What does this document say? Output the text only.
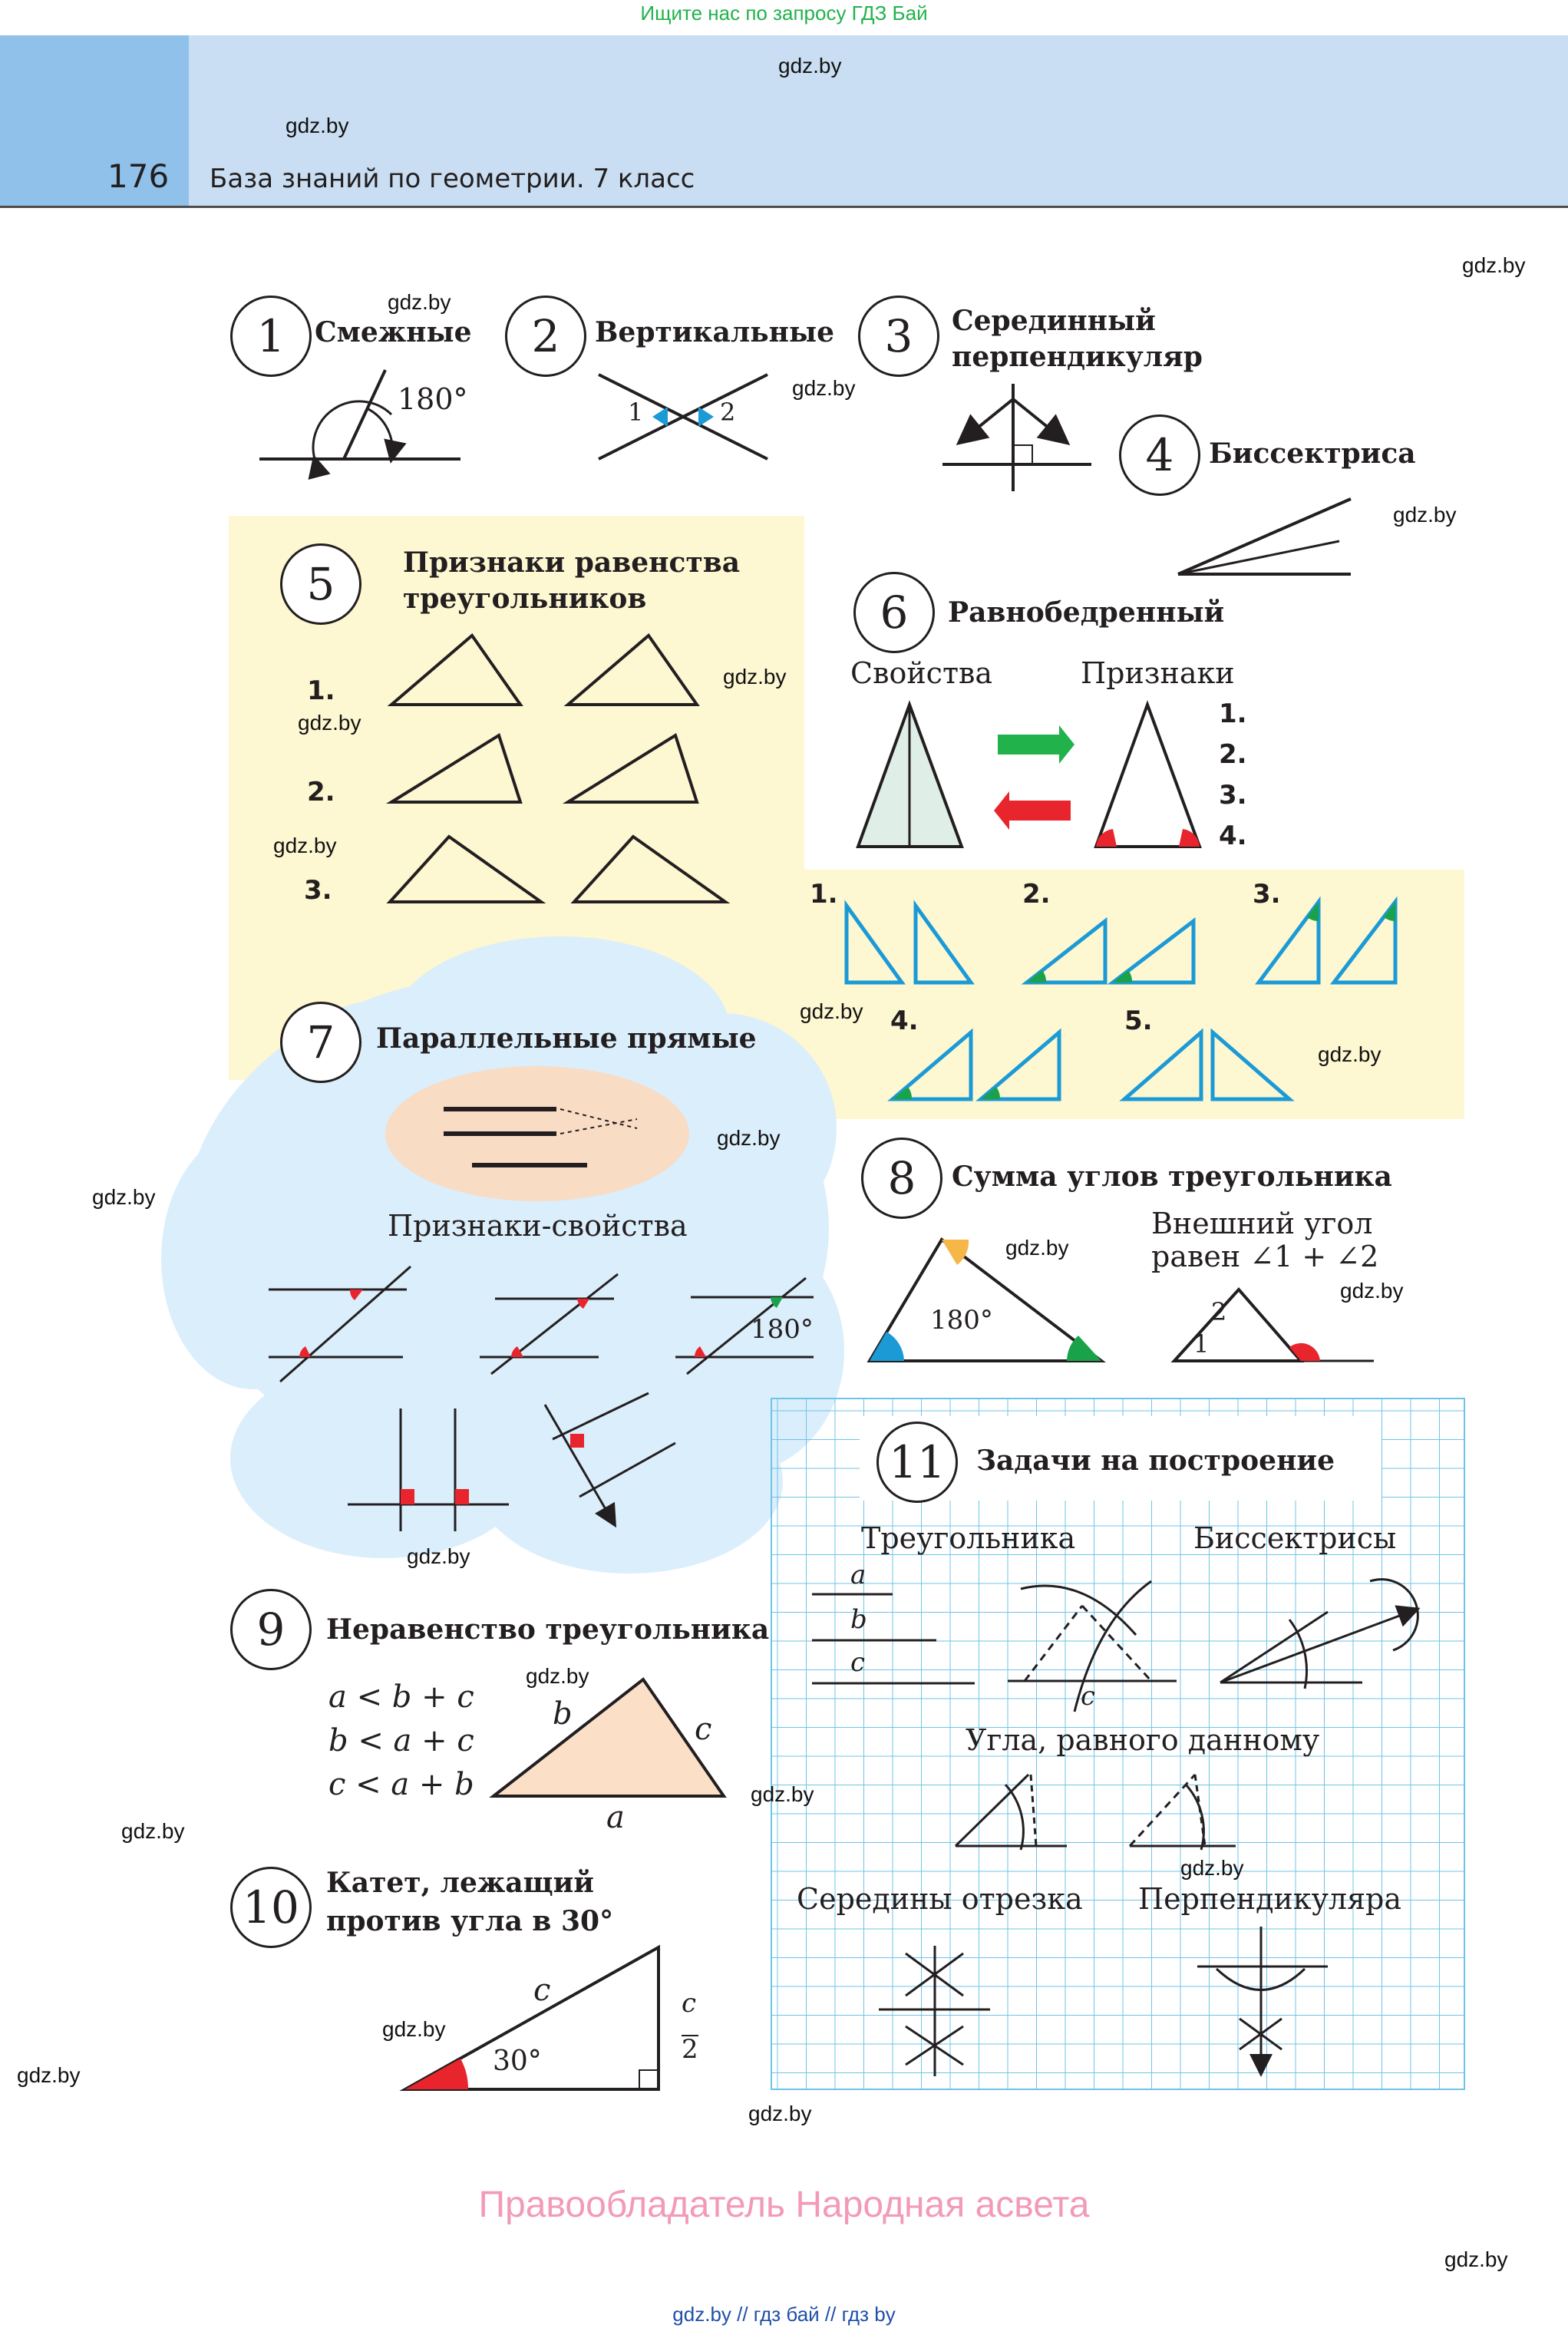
Ищите нас по запросу ГДЗ Бай
176 База знаний по геометрии. 7 класс
1	Смежные
180°
2	Вертикальные
1	2
3	Серединный
перпендикуляр
4	Биссектриса
5	Признаки равенства
треугольников
1.
2.
3.
6	Равнобедренный
Свойства	Признаки
1.
2.
3.
4.
1.	2.	3.
4.	5.
7	Параллельные прямые
Признаки-свойства
180°
8	Сумма углов треугольника
180°
Внешний угол
равен ∠1 + ∠2
1
2
9	Неравенство треугольника
a < b + c
b < a + c
c < a + b
a
b	c
10 Катет, лежащий
против угла в 30°
c	c
2
30°
11	Задачи на построение
Треугольника	Биссектрисы
Угла, равного данному
Середины отрезка Перпендикуляра
a
b
c
c
gdz.by
gdz.by
gdz.by
gdz.by
gdz.by
gdz.by
gdz.by
gdz.by
gdz.by
gdz.by
gdz.by
gdz.by
gdz.by
gdz.by
gdz.by
gdz.by
gdz.by
gdz.by
gdz.by
gdz.by
gdz.by
gdz.by
gdz.by
gdz.by
Правообладатель Народная асвета
gdz.by // гдз бай // гдз by
